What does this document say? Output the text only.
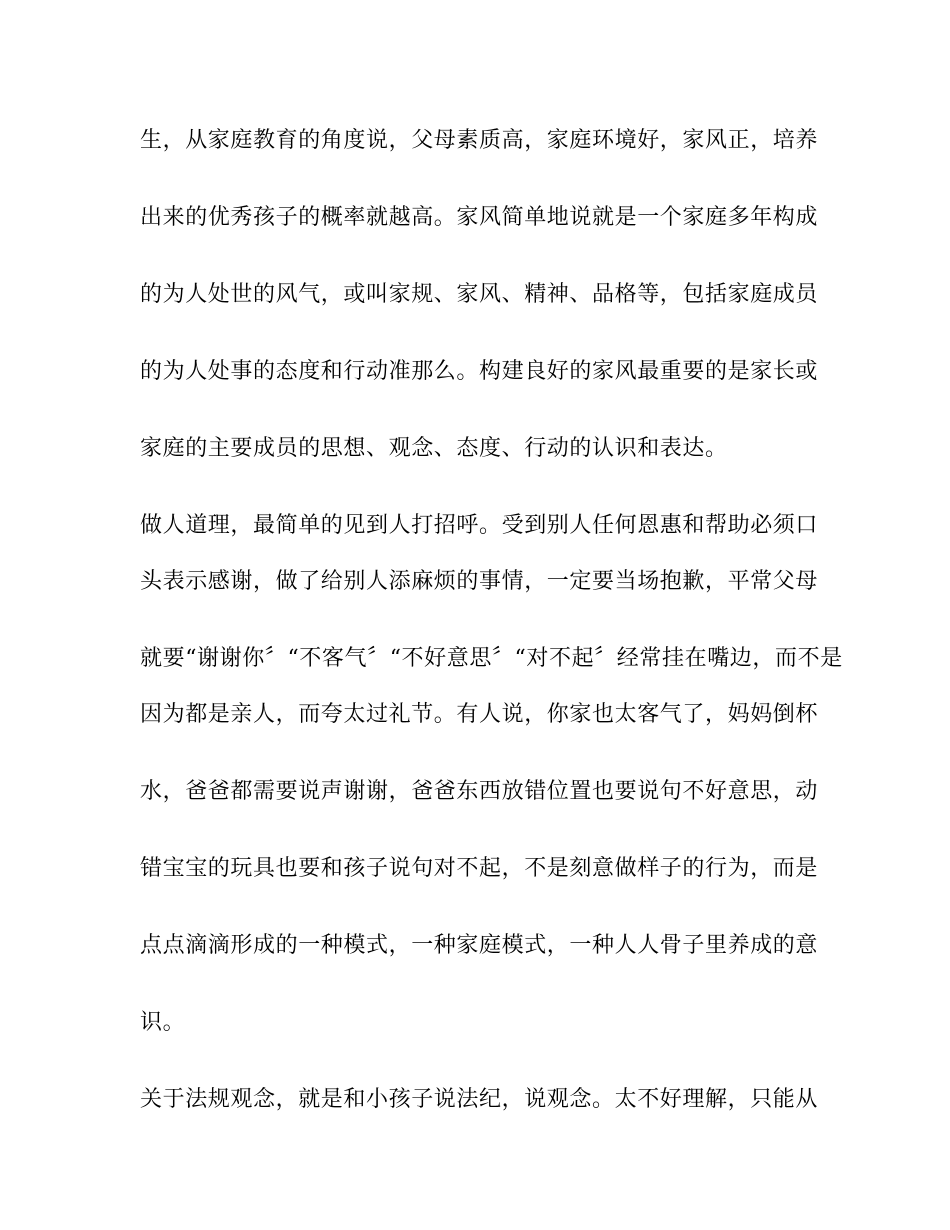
生，从家庭教育的角度说，父母素质高，家庭环境好，家风正，培养
出来的优秀孩子的概率就越高。家风简单地说就是一个家庭多年构成
的为人处世的风气，或叫家规、家风、精神、品格等，包括家庭成员
的为人处事的态度和行动准那么。构建良好的家风最重要的是家长或
家庭的主要成员的思想、观念、态度、行动的认识和表达。
做人道理，最简单的见到人打招呼。受到别人任何恩惠和帮助必须口
头表示感谢，做了给别人添麻烦的事情，一定要当场抱歉，平常父母
就要“谢谢你〞“不客气〞“不好意思〞“对不起〞经常挂在嘴边，而不是
因为都是亲人，而夸太过礼节。有人说，你家也太客气了，妈妈倒杯
水，爸爸都需要说声谢谢，爸爸东西放错位置也要说句不好意思，动
错宝宝的玩具也要和孩子说句对不起，不是刻意做样子的行为，而是
点点滴滴形成的一种模式，一种家庭模式，一种人人骨子里养成的意
识。
关于法规观念，就是和小孩子说法纪，说观念。太不好理解，只能从
